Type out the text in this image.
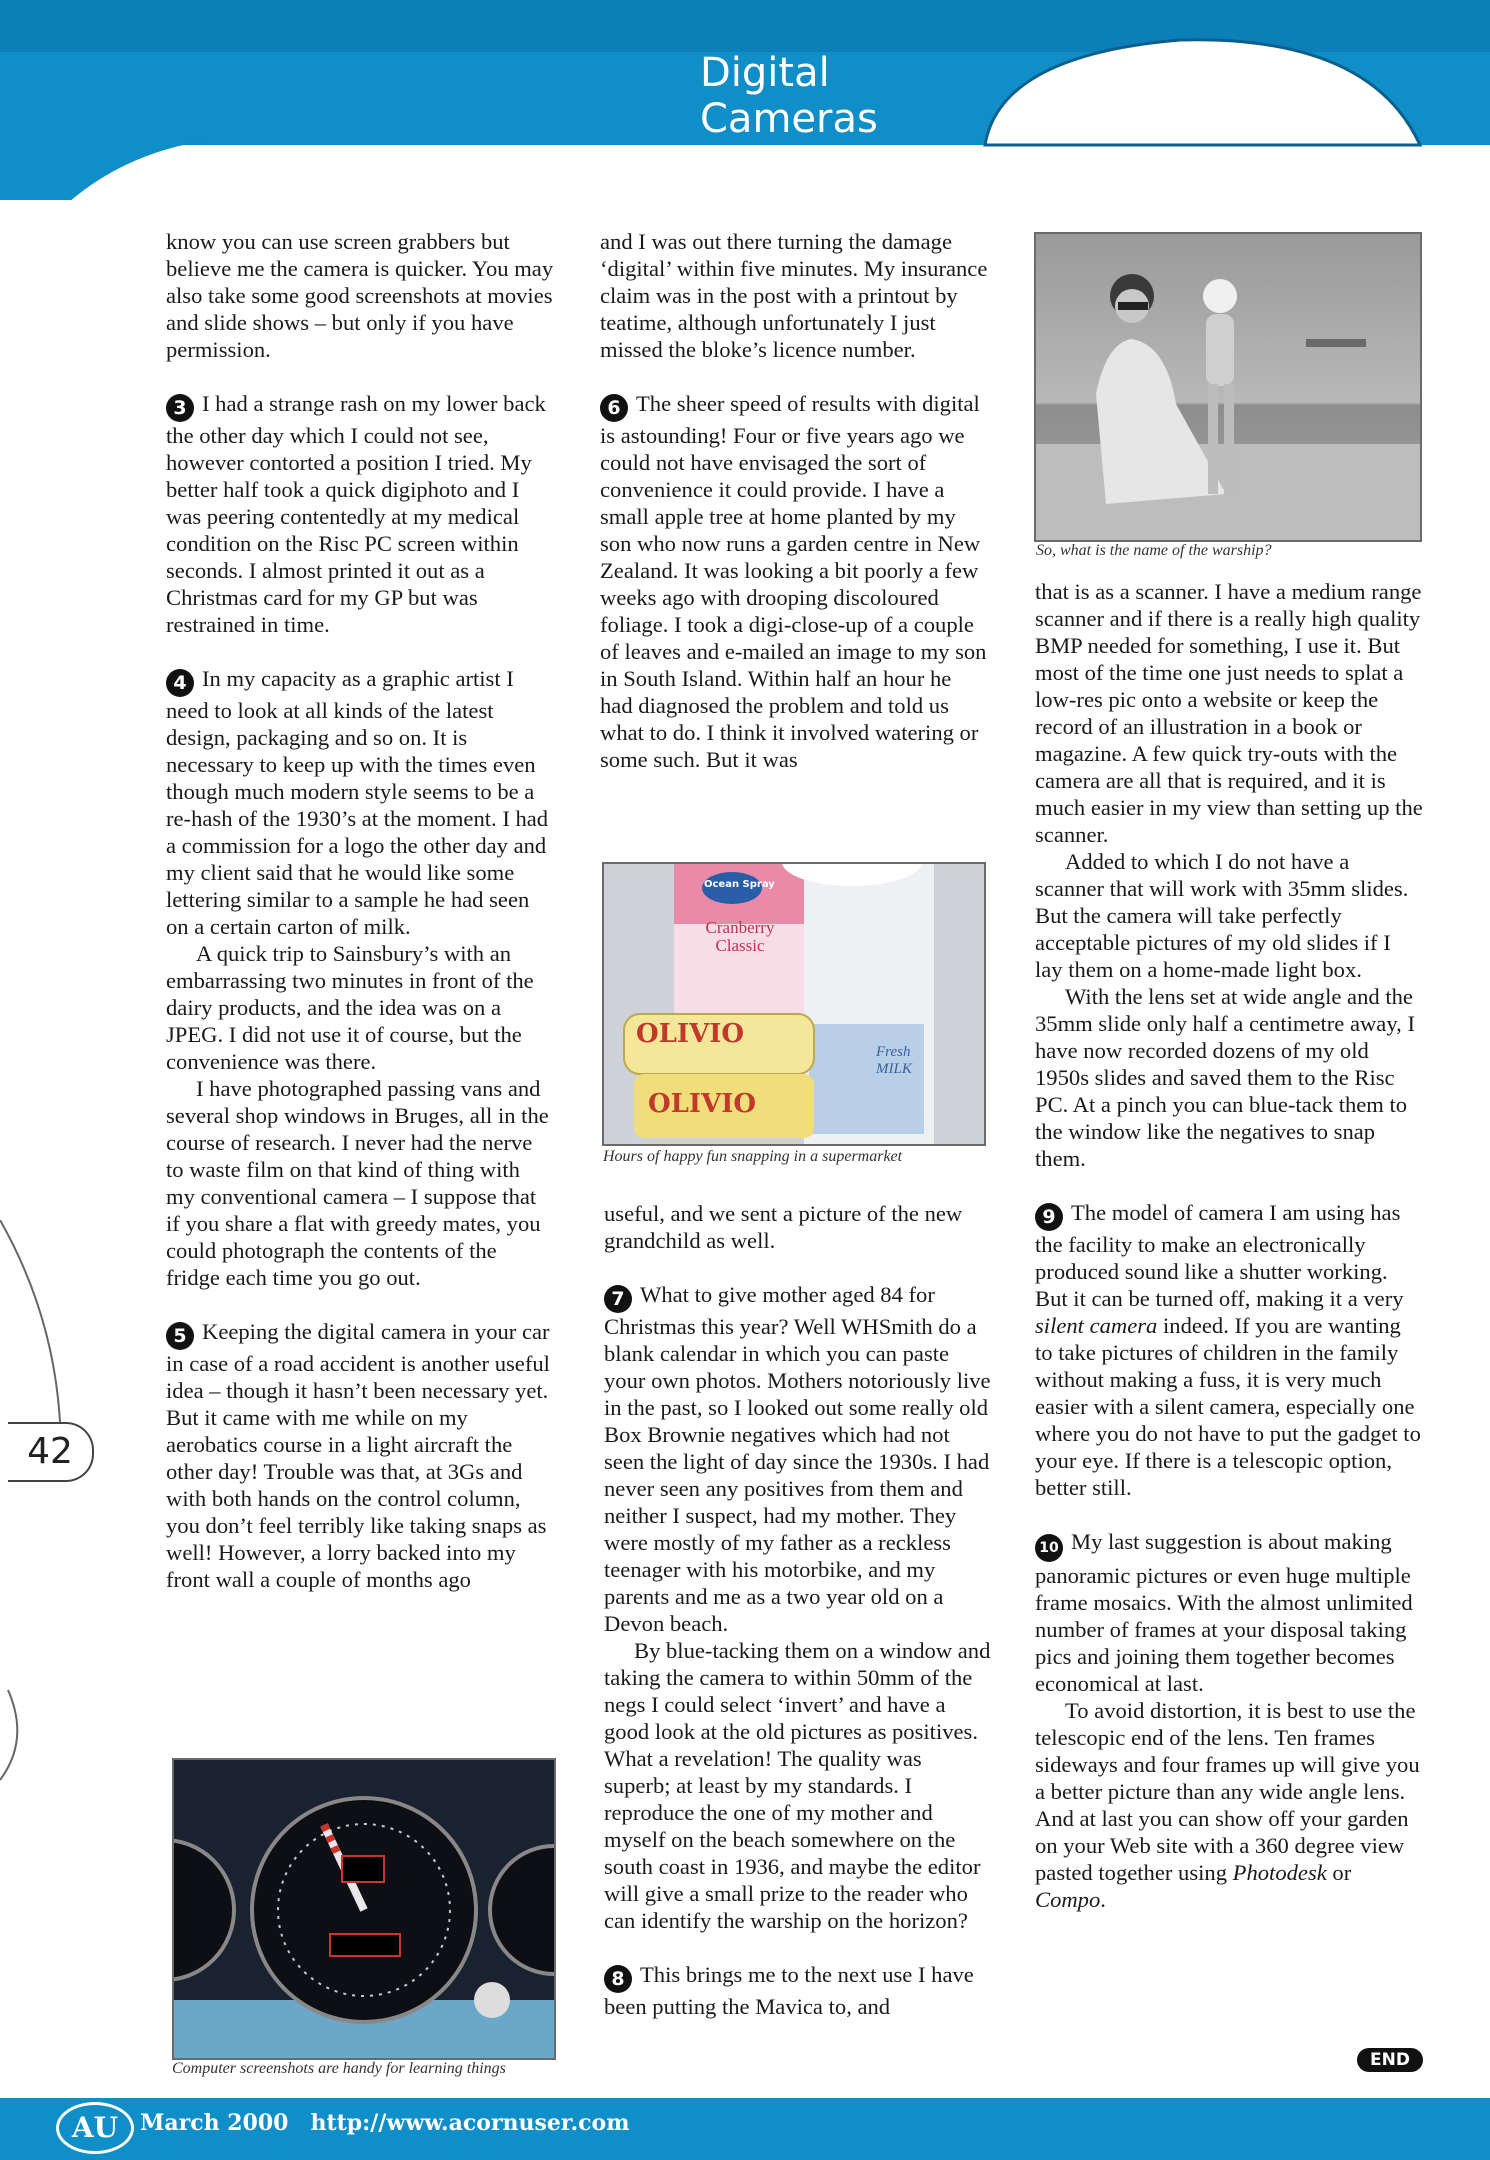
Digital Cameras
42

know you can use screen grabbers but believe me the camera is quicker. You may also take some good screenshots at movies and slide shows – but only if you have permission.

3 I had a strange rash on my lower back the other day which I could not see, however contorted a position I tried. My better half took a quick digiphoto and I was peering contentedly at my medical condition on the Risc PC screen within seconds. I almost printed it out as a Christmas card for my GP but was restrained in time.

4 In my capacity as a graphic artist I need to look at all kinds of the latest design, packaging and so on. It is necessary to keep up with the times even though much modern style seems to be a re-hash of the 1930’s at the moment. I had a commission for a logo the other day and my client said that he would like some lettering similar to a sample he had seen on a certain carton of milk.

A quick trip to Sainsbury’s with an embarrassing two minutes in front of the dairy products, and the idea was on a JPEG. I did not use it of course, but the convenience was there.

I have photographed passing vans and several shop windows in Bruges, all in the course of research. I never had the nerve to waste film on that kind of thing with my conventional camera – I suppose that if you share a flat with greedy mates, you could photograph the contents of the fridge each time you go out.

5 Keeping the digital camera in your car in case of a road accident is another useful idea – though it hasn’t been necessary yet. But it came with me while on my aerobatics course in a light aircraft the other day! Trouble was that, at 3Gs and with both hands on the control column, you don’t feel terribly like taking snaps as well! However, a lorry backed into my front wall a couple of months ago

Computer screenshots are handy for learning things

and I was out there turning the damage ‘digital’ within five minutes. My insurance claim was in the post with a printout by teatime, although unfortunately I just missed the bloke’s licence number.

6 The sheer speed of results with digital is astounding! Four or five years ago we could not have envisaged the sort of convenience it could provide. I have a small apple tree at home planted by my son who now runs a garden centre in New Zealand. It was looking a bit poorly a few weeks ago with drooping discoloured foliage. I took a digi-close-up of a couple of leaves and e-mailed an image to my son in South Island. Within half an hour he had diagnosed the problem and told us what to do. I think it involved watering or some such. But it was

Ocean Spray
Cranberry Classic
OLIVIO
OLIVIO
Fresh MILK
Hours of happy fun snapping in a supermarket

useful, and we sent a picture of the new grandchild as well.

7 What to give mother aged 84 for Christmas this year? Well WHSmith do a blank calendar in which you can paste your own photos. Mothers notoriously live in the past, so I looked out some really old Box Brownie negatives which had not seen the light of day since the 1930s. I had never seen any positives from them and neither I suspect, had my mother. They were mostly of my father as a reckless teenager with his motorbike, and my parents and me as a two year old on a Devon beach.

By blue-tacking them on a window and taking the camera to within 50mm of the negs I could select ‘invert’ and have a good look at the old pictures as positives. What a revelation! The quality was superb; at least by my standards. I reproduce the one of my mother and myself on the beach somewhere on the south coast in 1936, and maybe the editor will give a small prize to the reader who can identify the warship on the horizon?

8 This brings me to the next use I have been putting the Mavica to, and

So, what is the name of the warship?

that is as a scanner. I have a medium range scanner and if there is a really high quality BMP needed for something, I use it. But most of the time one just needs to splat a low-res pic onto a website or keep the record of an illustration in a book or magazine. A few quick try-outs with the camera are all that is required, and it is much easier in my view than setting up the scanner.

Added to which I do not have a scanner that will work with 35mm slides. But the camera will take perfectly acceptable pictures of my old slides if I lay them on a home-made light box.

With the lens set at wide angle and the 35mm slide only half a centimetre away, I have now recorded dozens of my old 1950s slides and saved them to the Risc PC. At a pinch you can blue-tack them to the window like the negatives to snap them.

9 The model of camera I am using has the facility to make an electronically produced sound like a shutter working. But it can be turned off, making it a very silent camera indeed. If you are wanting to take pictures of children in the family without making a fuss, it is very much easier with a silent camera, especially one where you do not have to put the gadget to your eye. If there is a telescopic option, better still.

10 My last suggestion is about making panoramic pictures or even huge multiple frame mosaics. With the almost unlimited number of frames at your disposal taking pics and joining them together becomes economical at last.

To avoid distortion, it is best to use the telescopic end of the lens. Ten frames sideways and four frames up will give you a better picture than any wide angle lens. And at last you can show off your garden on your Web site with a 360 degree view pasted together using Photodesk or Compo.

END
AU March 2000 http://www.acornuser.com
